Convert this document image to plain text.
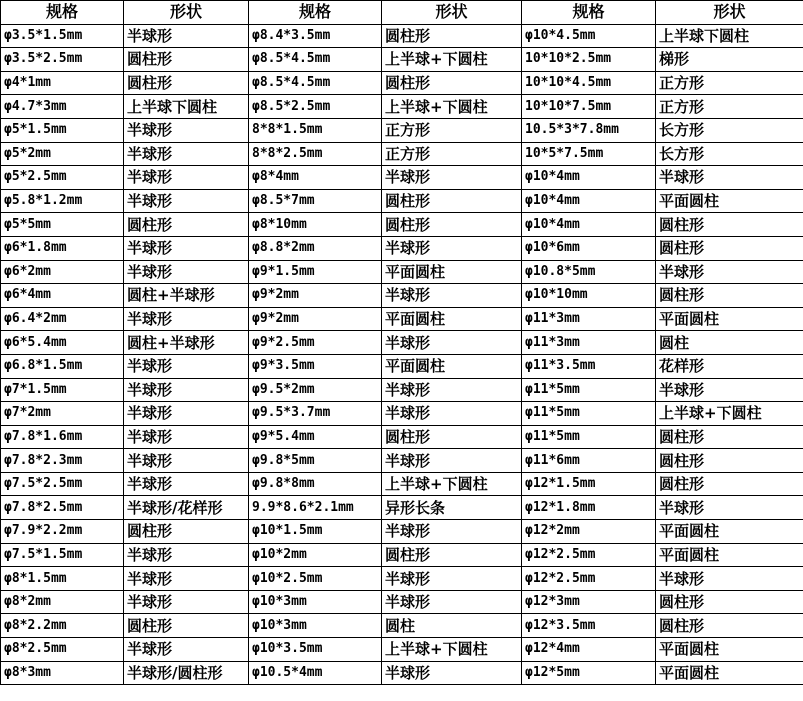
规格	形状	规格	形状	规格	形状
φ3.5*1.5mm	半球形	φ8.4*3.5mm	圆柱形	φ10*4.5mm	上半球下圆柱
φ3.5*2.5mm	圆柱形	φ8.5*4.5mm	上半球+下圆柱	10*10*2.5mm	梯形
φ4*1mm	圆柱形	φ8.5*4.5mm	圆柱形	10*10*4.5mm	正方形
φ4.7*3mm	上半球下圆柱	φ8.5*2.5mm	上半球+下圆柱	10*10*7.5mm	正方形
φ5*1.5mm	半球形	8*8*1.5mm	正方形	10.5*3*7.8mm	长方形
φ5*2mm	半球形	8*8*2.5mm	正方形	10*5*7.5mm	长方形
φ5*2.5mm	半球形	φ8*4mm	半球形	φ10*4mm	半球形
φ5.8*1.2mm	半球形	φ8.5*7mm	圆柱形	φ10*4mm	平面圆柱
φ5*5mm	圆柱形	φ8*10mm	圆柱形	φ10*4mm	圆柱形
φ6*1.8mm	半球形	φ8.8*2mm	半球形	φ10*6mm	圆柱形
φ6*2mm	半球形	φ9*1.5mm	平面圆柱	φ10.8*5mm	半球形
φ6*4mm	圆柱+半球形	φ9*2mm	半球形	φ10*10mm	圆柱形
φ6.4*2mm	半球形	φ9*2mm	平面圆柱	φ11*3mm	平面圆柱
φ6*5.4mm	圆柱+半球形	φ9*2.5mm	半球形	φ11*3mm	圆柱
φ6.8*1.5mm	半球形	φ9*3.5mm	平面圆柱	φ11*3.5mm	花样形
φ7*1.5mm	半球形	φ9.5*2mm	半球形	φ11*5mm	半球形
φ7*2mm	半球形	φ9.5*3.7mm	半球形	φ11*5mm	上半球+下圆柱
φ7.8*1.6mm	半球形	φ9*5.4mm	圆柱形	φ11*5mm	圆柱形
φ7.8*2.3mm	半球形	φ9.8*5mm	半球形	φ11*6mm	圆柱形
φ7.5*2.5mm	半球形	φ9.8*8mm	上半球+下圆柱	φ12*1.5mm	圆柱形
φ7.8*2.5mm	半球形/花样形	9.9*8.6*2.1mm	异形长条	φ12*1.8mm	半球形
φ7.9*2.2mm	圆柱形	φ10*1.5mm	半球形	φ12*2mm	平面圆柱
φ7.5*1.5mm	半球形	φ10*2mm	圆柱形	φ12*2.5mm	平面圆柱
φ8*1.5mm	半球形	φ10*2.5mm	半球形	φ12*2.5mm	半球形
φ8*2mm	半球形	φ10*3mm	半球形	φ12*3mm	圆柱形
φ8*2.2mm	圆柱形	φ10*3mm	圆柱	φ12*3.5mm	圆柱形
φ8*2.5mm	半球形	φ10*3.5mm	上半球+下圆柱	φ12*4mm	平面圆柱
φ8*3mm	半球形/圆柱形	φ10.5*4mm	半球形	φ12*5mm	平面圆柱
